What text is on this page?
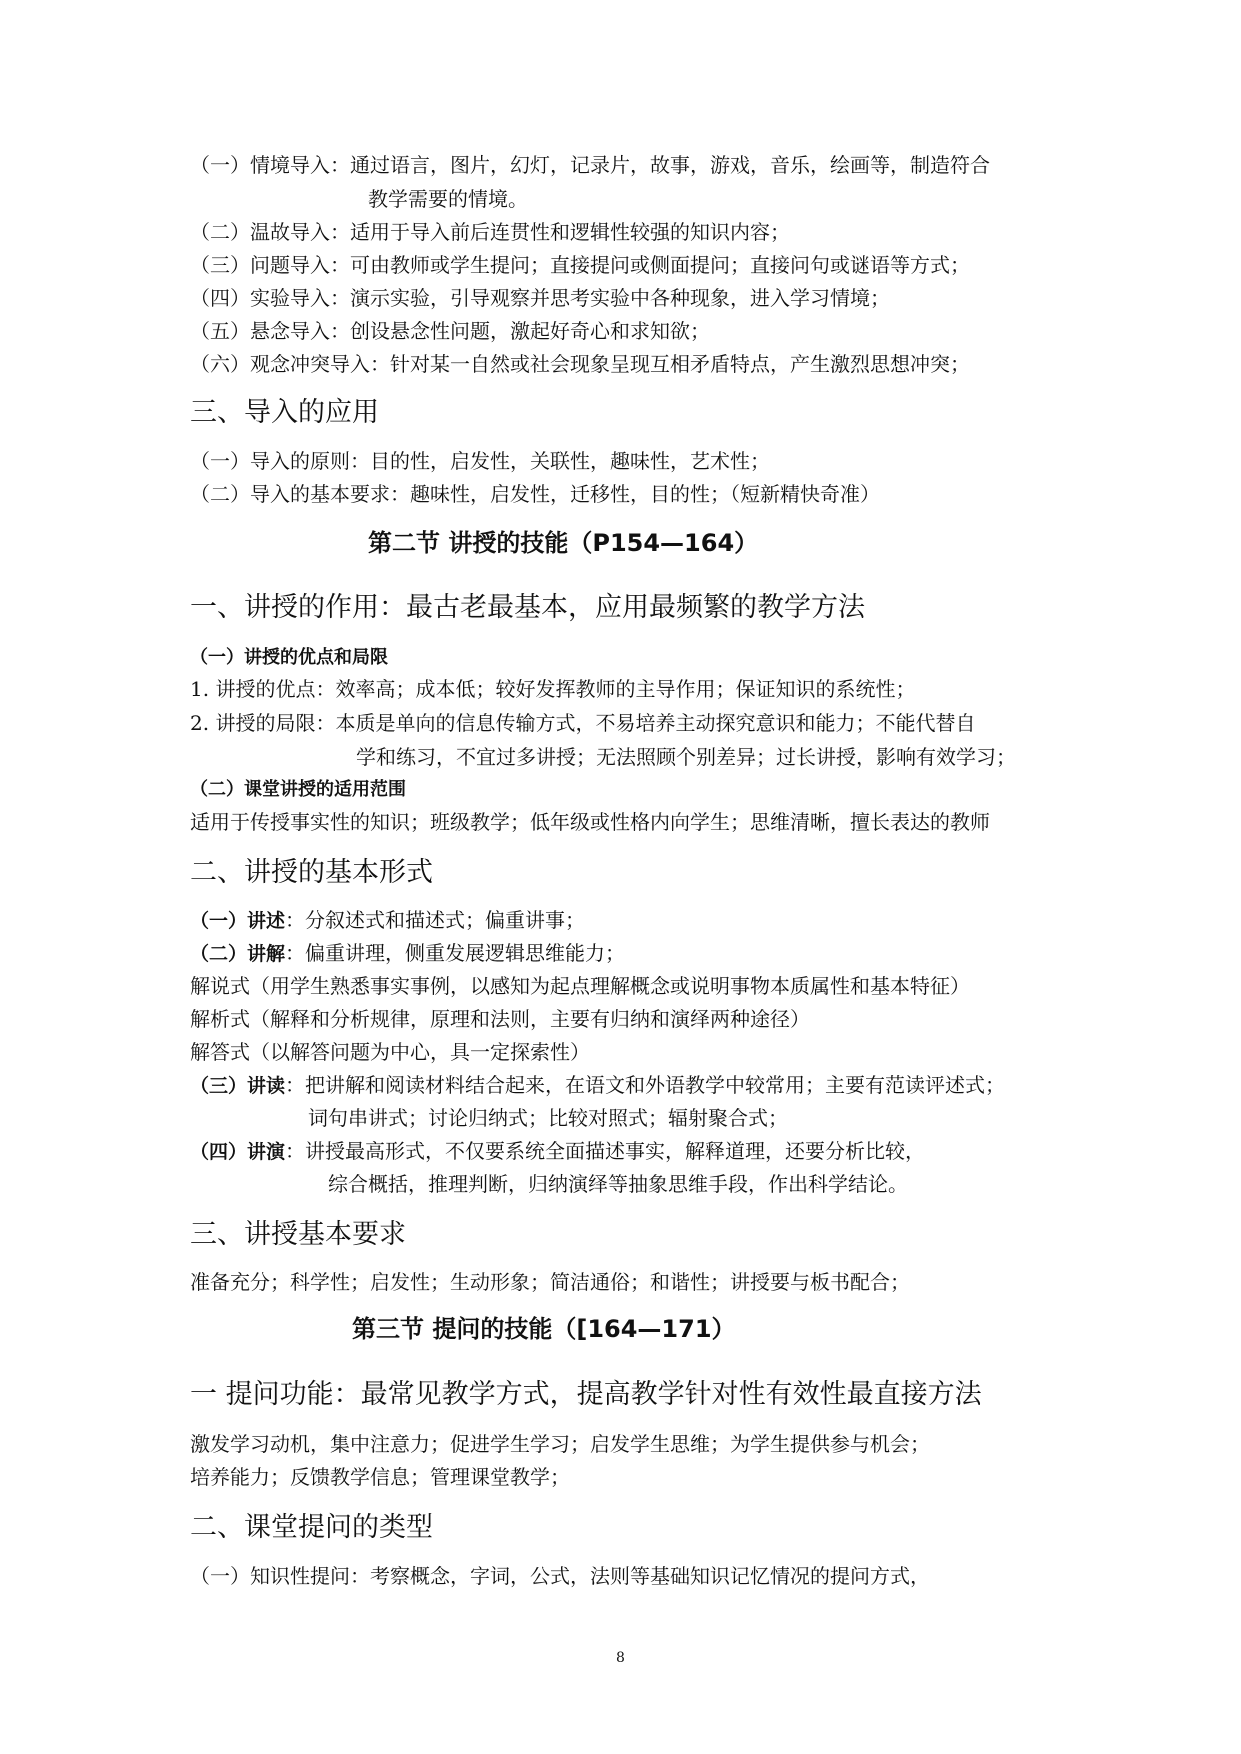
（一）情境导入：通过语言，图片，幻灯，记录片，故事，游戏，音乐，绘画等，制造符合
教学需要的情境。
（二）温故导入：适用于导入前后连贯性和逻辑性较强的知识内容；
（三）问题导入：可由教师或学生提问；直接提问或侧面提问；直接问句或谜语等方式；
（四）实验导入：演示实验，引导观察并思考实验中各种现象，进入学习情境；
（五）悬念导入：创设悬念性问题，激起好奇心和求知欲；
（六）观念冲突导入：针对某一自然或社会现象呈现互相矛盾特点，产生激烈思想冲突；
三、导入的应用
（一）导入的原则：目的性，启发性，关联性，趣味性，艺术性；
（二）导入的基本要求：趣味性，启发性，迁移性，目的性；（短新精快奇准）
第二节 讲授的技能（P154—164）
一、讲授的作用：最古老最基本，应用最频繁的教学方法
（一）讲授的优点和局限
1. 讲授的优点：效率高；成本低；较好发挥教师的主导作用；保证知识的系统性；
2. 讲授的局限：本质是单向的信息传输方式，不易培养主动探究意识和能力；不能代替自
学和练习，不宜过多讲授；无法照顾个别差异；过长讲授，影响有效学习；
（二）课堂讲授的适用范围
适用于传授事实性的知识；班级教学；低年级或性格内向学生；思维清晰，擅长表达的教师
二、讲授的基本形式
（一）讲述：分叙述式和描述式；偏重讲事；
（二）讲解：偏重讲理，侧重发展逻辑思维能力；
解说式（用学生熟悉事实事例，以感知为起点理解概念或说明事物本质属性和基本特征）
解析式（解释和分析规律，原理和法则，主要有归纳和演绎两种途径）
解答式（以解答问题为中心，具一定探索性）
（三）讲读：把讲解和阅读材料结合起来，在语文和外语教学中较常用；主要有范读评述式；
词句串讲式；讨论归纳式；比较对照式；辐射聚合式；
（四）讲演：讲授最高形式，不仅要系统全面描述事实，解释道理，还要分析比较，
综合概括，推理判断，归纳演绎等抽象思维手段，作出科学结论。
三、讲授基本要求
准备充分；科学性；启发性；生动形象；简洁通俗；和谐性；讲授要与板书配合；
第三节 提问的技能（[164—171）
一 提问功能：最常见教学方式，提高教学针对性有效性最直接方法
激发学习动机，集中注意力；促进学生学习；启发学生思维；为学生提供参与机会；
培养能力；反馈教学信息；管理课堂教学；
二、课堂提问的类型
（一）知识性提问：考察概念，字词，公式，法则等基础知识记忆情况的提问方式，
8
